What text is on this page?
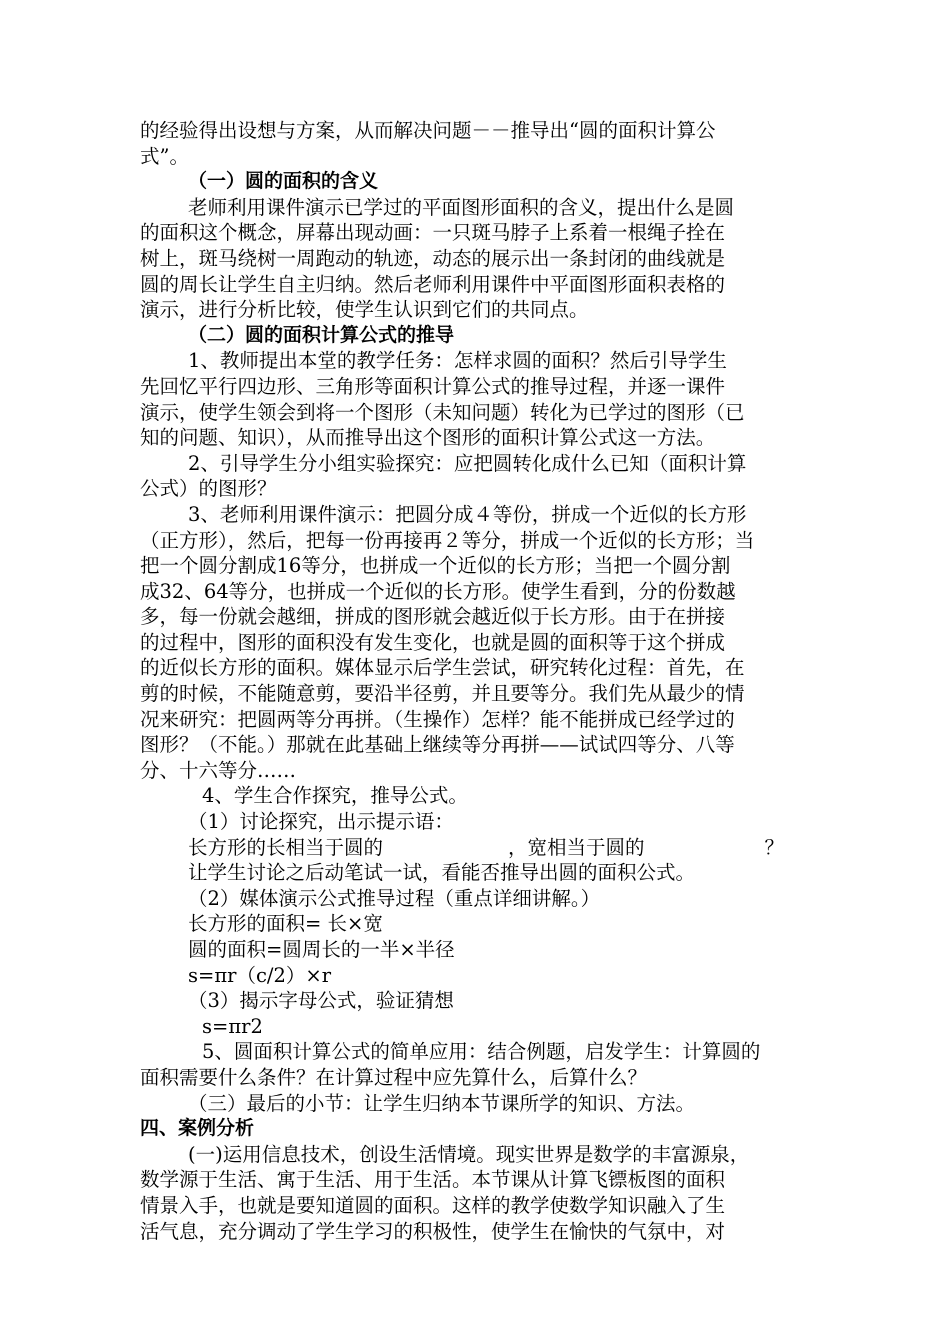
的经验得出设想与方案，从而解决问题－－推导出“圆的面积计算公
式”。
（一）圆的面积的含义
老师利用课件演示已学过的平面图形面积的含义，提出什么是圆
的面积这个概念，屏幕出现动画：一只斑马脖子上系着一根绳子拴在
树上，斑马绕树一周跑动的轨迹，动态的展示出一条封闭的曲线就是
圆的周长让学生自主归纳。然后老师利用课件中平面图形面积表格的
演示，进行分析比较，使学生认识到它们的共同点。
（二）圆的面积计算公式的推导
1、教师提出本堂的教学任务：怎样求圆的面积？然后引导学生
先回忆平行四边形、三角形等面积计算公式的推导过程，并逐一课件
演示，使学生领会到将一个图形（未知问题）转化为已学过的图形（已
知的问题、知识），从而推导出这个图形的面积计算公式这一方法。
2、引导学生分小组实验探究：应把圆转化成什么已知（面积计算
公式）的图形？
3、老师利用课件演示：把圆分成４等份，拼成一个近似的长方形
（正方形），然后，把每一份再接再２等分，拼成一个近似的长方形；当
把一个圆分割成16等分，也拼成一个近似的长方形；当把一个圆分割
成32、64等分，也拼成一个近似的长方形。使学生看到，分的份数越
多，每一份就会越细，拼成的图形就会越近似于长方形。由于在拼接
的过程中，图形的面积没有发生变化，也就是圆的面积等于这个拼成
的近似长方形的面积。媒体显示后学生尝试，研究转化过程：首先，在
剪的时候，不能随意剪，要沿半径剪，并且要等分。我们先从最少的情
况来研究：把圆两等分再拼。（生操作）怎样？能不能拼成已经学过的
图形？（不能。）那就在此基础上继续等分再拼——试试四等分、八等
分、十六等分……
4、学生合作探究，推导公式。
（1）讨论探究，出示提示语：
长方形的长相当于圆的	，宽相当于圆的	？
让学生讨论之后动笔试一试，看能否推导出圆的面积公式。
（2）媒体演示公式推导过程（重点详细讲解。）
长方形的面积= 长×宽
圆的面积=圆周长的一半×半径
s=πr（c/2）×r
（3）揭示字母公式，验证猜想
s=πr2
5、圆面积计算公式的简单应用：结合例题，启发学生：计算圆的
面积需要什么条件？在计算过程中应先算什么，后算什么？
（三）最后的小节：让学生归纳本节课所学的知识、方法。
四、案例分析
(一)运用信息技术，创设生活情境。现实世界是数学的丰富源泉，
数学源于生活、寓于生活、用于生活。本节课从计算飞镖板图的面积
情景入手，也就是要知道圆的面积。这样的教学使数学知识融入了生
活气息，充分调动了学生学习的积极性，使学生在愉快的气氛中，对
